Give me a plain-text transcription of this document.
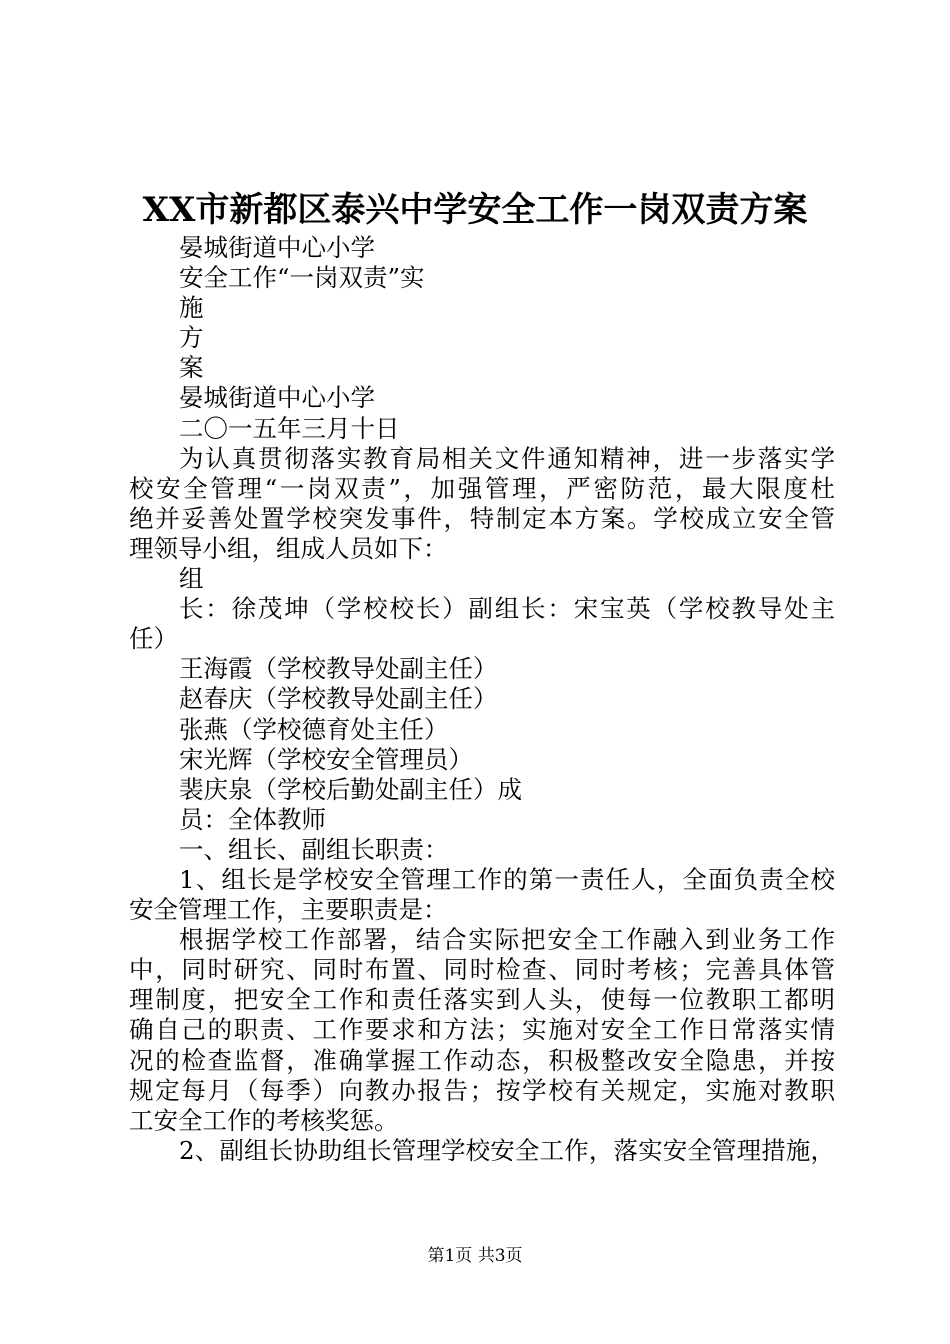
XX市新都区泰兴中学安全工作一岗双责方案
晏城街道中心小学
安全工作“一岗双责”实
施
方
案
晏城街道中心小学
二〇一五年三月十日
为认真贯彻落实教育局相关文件通知精神，进一步落实学
校安全管理“一岗双责”，加强管理，严密防范，最大限度杜
绝并妥善处置学校突发事件，特制定本方案。学校成立安全管
理领导小组，组成人员如下：
组
长：徐茂坤（学校校长）副组长：宋宝英（学校教导处主
任）
王海霞（学校教导处副主任）
赵春庆（学校教导处副主任）
张燕（学校德育处主任）
宋光辉（学校安全管理员）
裴庆泉（学校后勤处副主任）成
员：全体教师
一、组长、副组长职责：
1、组长是学校安全管理工作的第一责任人，全面负责全校
安全管理工作，主要职责是：
根据学校工作部署，结合实际把安全工作融入到业务工作
中，同时研究、同时布置、同时检查、同时考核；完善具体管
理制度，把安全工作和责任落实到人头，使每一位教职工都明
确自己的职责、工作要求和方法；实施对安全工作日常落实情
况的检查监督，准确掌握工作动态，积极整改安全隐患，并按
规定每月（每季）向教办报告；按学校有关规定，实施对教职
工安全工作的考核奖惩。
2、副组长协助组长管理学校安全工作，落实安全管理措施，
第1页 共3页
